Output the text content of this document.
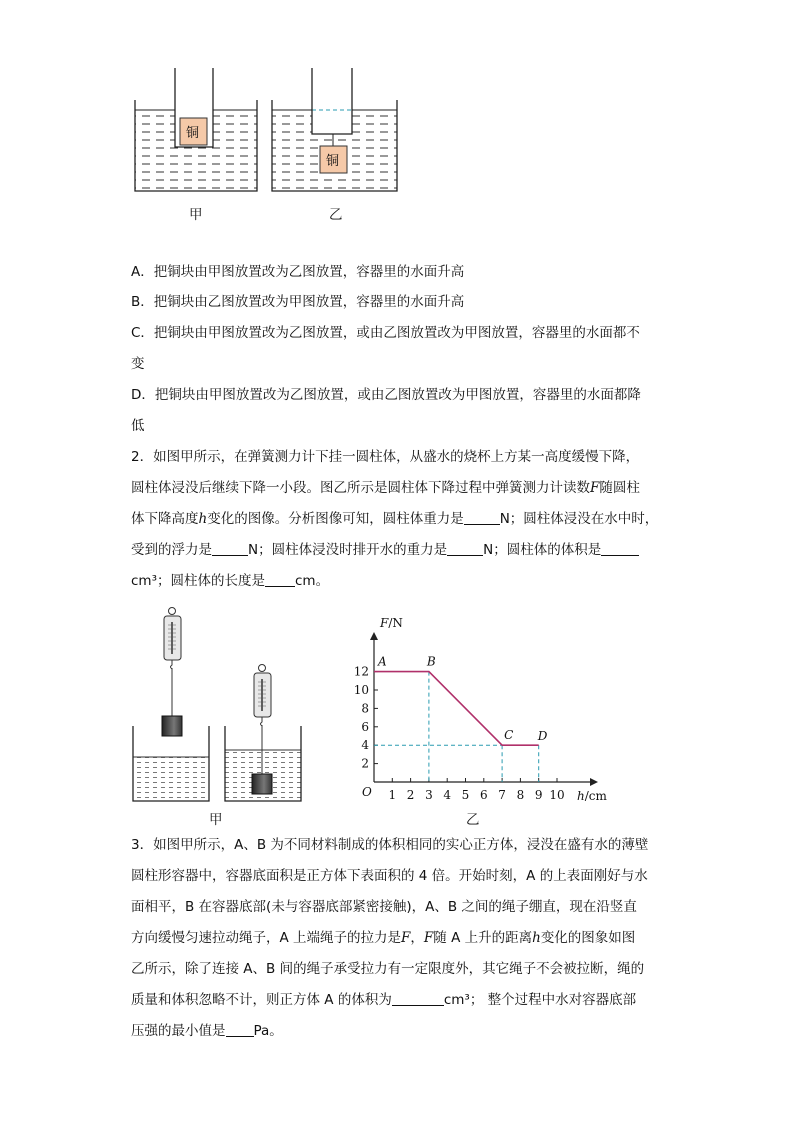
铜
铜
甲	乙
A．把铜块由甲图放置改为乙图放置，容器里的水面升高
B．把铜块由乙图放置改为甲图放置，容器里的水面升高
C．把铜块由甲图放置改为乙图放置，或由乙图放置改为甲图放置，容器里的水面都不
变
D．把铜块由甲图放置改为乙图放置，或由乙图放置改为甲图放置，容器里的水面都降
低
2．如图甲所示，在弹簧测力计下挂一圆柱体，从盛水的烧杯上方某一高度缓慢下降，
圆柱体浸没后继续下降一小段。图乙所示是圆柱体下降过程中弹簧测力计读数F随圆柱
体下降高度h变化的图像。分析图像可知，圆柱体重力是	N；圆柱体浸没在水中时，
受到的浮力是	N；圆柱体浸没时排开水的重力是	N；圆柱体的体积是
cm³；圆柱体的长度是 cm。
甲
F/N
h/cm
O 1 2 3 4 5 6 7 8 9 10
2
4
6
8
10
12
A	B
C D
乙
3．如图甲所示，A、B 为不同材料制成的体积相同的实心正方体，浸没在盛有水的薄壁
圆柱形容器中，容器底面积是正方体下表面积的 4 倍。开始时刻，A 的上表面刚好与水
面相平，B 在容器底部(未与容器底部紧密接触)，A、B 之间的绳子绷直，现在沿竖直
方向缓慢匀速拉动绳子，A 上端绳子的拉力是F，F随 A 上升的距离h变化的图象如图
乙所示，除了连接 A、B 间的绳子承受拉力有一定限度外，其它绳子不会被拉断，绳的
质量和体积忽略不计，则正方体 A 的体积为	cm³； 整个过程中水对容器底部
压强的最小值是 Pa。
